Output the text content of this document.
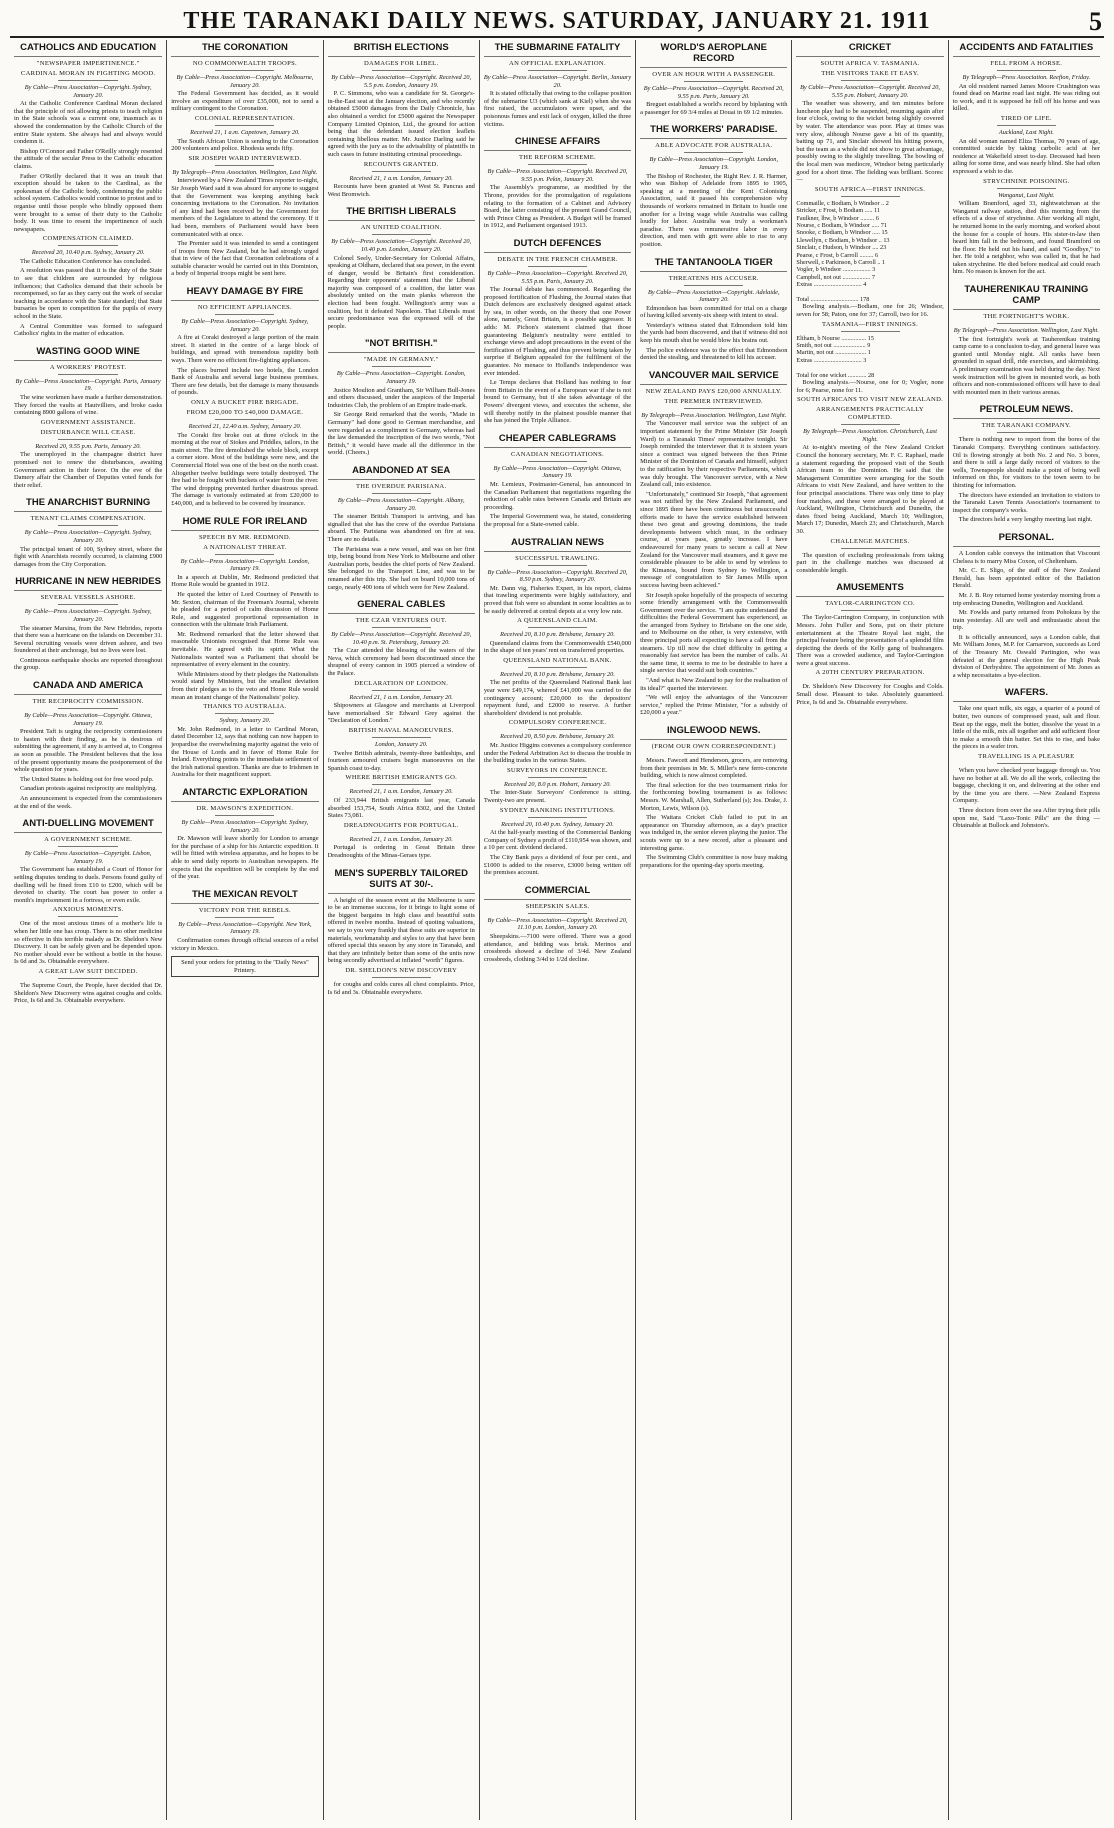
THE TARANAKI DAILY NEWS. SATURDAY, JANUARY 21. 1911	5
CATHOLICS AND EDUCATION
"NEWSPAPER IMPERTINENCE."
CARDINAL MORAN IN FIGHTING MOOD.
By Cable—Press Association—Copyright. Sydney, January 20.
At the Catholic Conference Cardinal Moran declared that the principle of not allowing priests to teach religion in the State schools was a current one, inasmuch as it showed the condemnation by the Catholic Church of the entire State system. She always had and always would condemn it.
Bishop O'Connor and Father O'Reilly strongly resented the attitude of the secular Press to the Catholic education claims.
Father O'Reilly declared that it was an insult that exception should be taken to the Cardinal, as the spokesman of the Catholic body, condemning the public school system. Catholics would continue to protest and to organise until those people who blindly opposed them were brought to a sense of their duty to the Catholic body. It was time to resent the impertinence of such newspapers.
COMPENSATION CLAIMED.
Received 20, 10.40 p.m. Sydney, January 20.
The Catholic Education Conference has concluded.
A resolution was passed that it is the duty of the State to see that children are surrounded by religious influences; that Catholics demand that their schools be recompensed, so far as they carry out the work of secular teaching in accordance with the State standard; that State bursaries be open to competition for the pupils of every school in the State.
A Central Committee was formed to safeguard Catholics' rights in the matter of education.
WASTING GOOD WINE
A WORKERS' PROTEST.
By Cable—Press Association—Copyright. Paris, January 19.
The wine workmen have made a further demonstration. They forced the vaults at Hautvilliers, and broke casks containing 8900 gallons of wine.
GOVERNMENT ASSISTANCE.
DISTURBANCE WILL CEASE.
Received 20, 9.55 p.m. Paris, January 20.
The unemployed in the champagne district have promised not to renew the disturbances, awaiting Government action in their favor. On the eve of the Damery affair the Chamber of Deputies voted funds for their relief.
THE ANARCHIST BURNING
TENANT CLAIMS COMPENSATION.
By Cable—Press Association—Copyright. Sydney, January 20.
The principal tenant of 100, Sydney street, where the fight with Anarchists recently occurred, is claiming £900 damages from the City Corporation.
HURRICANE IN NEW HEBRIDES
SEVERAL VESSELS ASHORE.
By Cable—Press Association—Copyright. Sydney, January 20.
The steamer Marsina, from the New Hebrides, reports that there was a hurricane on the islands on December 31. Several recruiting vessels were driven ashore, and two foundered at their anchorage, but no lives were lost.
Continuous earthquake shocks are reported throughout the group.
CANADA AND AMERICA
THE RECIPROCITY COMMISSION.
By Cable—Press Association—Copyright. Ottawa, January 19.
President Taft is urging the reciprocity commissioners to hasten with their finding, as he is desirous of submitting the agreement, if any is arrived at, to Congress as soon as possible. The President believes that the loss of the present opportunity means the postponement of the whole question for years.
The United States is holding out for free wood pulp.
Canadian protests against reciprocity are multiplying.
An announcement is expected from the commissioners at the end of the week.
ANTI-DUELLING MOVEMENT
A GOVERNMENT SCHEME.
By Cable—Press Association—Copyright. Lisbon, January 19.
The Government has established a Court of Honor for settling disputes tending to duels. Persons found guilty of duelling will be fined from £10 to £200, which will be devoted to charity. The court has power to order a month's imprisonment in a fortress, or even exile.
ANXIOUS MOMENTS.
One of the most anxious times of a mother's life is when her little one has croup. There is no other medicine so effective in this terrible malady as Dr. Sheldon's New Discovery. It can be safely given and be depended upon. No mother should ever be without a bottle in the house. Is 6d and 3s. Obtainable everywhere.
A GREAT LAW SUIT DECIDED.
The Supreme Court, the People, have decided that Dr. Sheldon's New Discovery wins against coughs and colds. Price, Is 6d and 3s. Obtainable everywhere.
THE CORONATION
NO COMMONWEALTH TROOPS.
By Cable—Press Association—Copyright. Melbourne, January 20.
The Federal Government has decided, as it would involve an expenditure of over £35,000, not to send a military contingent to the Coronation.
COLONIAL REPRESENTATION.
Received 21, 1 a.m. Capetown, January 20.
The South African Union is sending to the Coronation 200 volunteers and police. Rhodesia sends fifty.
SIR JOSEPH WARD INTERVIEWED.
By Telegraph—Press Association. Wellington, Last Night.
Interviewed by a New Zealand Times reporter to-night, Sir Joseph Ward said it was absurd for anyone to suggest that the Government was keeping anything back concerning invitations to the Coronation. No invitation of any kind had been received by the Government for members of the Legislature to attend the ceremony. If it had been, members of Parliament would have been communicated with at once.
The Premier said it was intended to send a contingent of troops from New Zealand, but he had strongly urged that in view of the fact that Coronation celebrations of a suitable character would be carried out in this Dominion, a body of Imperial troops might be sent here.
HEAVY DAMAGE BY FIRE
NO EFFICIENT APPLIANCES.
By Cable—Press Association—Copyright. Sydney, January 20.
A fire at Coraki destroyed a large portion of the main street. It started in the centre of a large block of buildings, and spread with tremendous rapidity both ways. There were no efficient fire-fighting appliances.
The places burned include two hotels, the London Bank of Australia and several large business premises. There are few details, but the damage is many thousands of pounds.
ONLY A BUCKET FIRE BRIGADE.
FROM £20,000 TO £40,000 DAMAGE.
Received 21, 12.40 a.m. Sydney, January 20.
The Coraki fire broke out at three o'clock in the morning at the rear of Stokes and Priddles, tailors, in the main street. The fire demolished the whole block, except a corner store. Most of the buildings were new, and the Commercial Hotel was one of the best on the north coast. Altogether twelve buildings were totally destroyed. The fire had to be fought with buckets of water from the river. The wind dropping prevented further disastrous spread. The damage is variously estimated at from £20,000 to £40,000, and is believed to be covered by insurance.
HOME RULE FOR IRELAND
SPEECH BY MR. REDMOND.
A NATIONALIST THREAT.
By Cable—Press Association—Copyright. London, January 19.
In a speech at Dublin, Mr. Redmond predicted that Home Rule would be granted in 1912.
He quoted the letter of Lord Courtney of Penwith to Mr. Sexton, chairman of the Freeman's Journal, wherein he pleaded for a period of calm discussion of Home Rule, and suggested proportional representation in connection with the ultimate Irish Parliament.
Mr. Redmond remarked that the letter showed that reasonable Unionists recognised that Home Rule was inevitable. He agreed with its spirit. What the Nationalists wanted was a Parliament that should be representative of every element in the country.
While Ministers stood by their pledges the Nationalists would stand by Ministers, but the smallest deviation from their pledges as to the veto and Home Rule would mean an instant change of the Nationalists' policy.
THANKS TO AUSTRALIA.
Sydney, January 20.
Mr. John Redmond, in a letter to Cardinal Moran, dated December 12, says that nothing can now happen to jeopardise the overwhelming majority against the veto of the House of Lords and in favor of Home Rule for Ireland. Everything points to the immediate settlement of the Irish national question. Thanks are due to Irishmen in Australia for their magnificent support.
ANTARCTIC EXPLORATION
DR. MAWSON'S EXPEDITION.
By Cable—Press Association—Copyright. Sydney, January 20.
Dr. Mawson will leave shortly for London to arrange for the purchase of a ship for his Antarctic expedition. It will be fitted with wireless apparatus, and he hopes to be able to send daily reports to Australian newspapers. He expects that the expedition will be complete by the end of the year.
THE MEXICAN REVOLT
VICTORY FOR THE REBELS.
By Cable—Press Association—Copyright. New York, January 19.
Confirmation comes through official sources of a rebel victory in Mexico.
Send your orders for printing to the "Daily News" Printery.
BRITISH ELECTIONS
DAMAGES FOR LIBEL.
By Cable—Press Association—Copyright. Received 20, 5.5 p.m. London, January 19.
P. C. Simmons, who was a candidate for St. George's-in-the-East seat at the January election, and who recently obtained £5000 damages from the Daily Chronicle, has also obtained a verdict for £5000 against the Newspaper Company Limited Opinion, Ltd., the ground for action being that the defendant issued election leaflets containing libellous matter. Mr. Justice Darling said he agreed with the jury as to the advisability of plaintiffs in such cases in future instituting criminal proceedings.
RECOUNTS GRANTED.
Received 21, 1 a.m. London, January 20.
Recounts have been granted at West St. Pancras and West Bromwich.
THE BRITISH LIBERALS
AN UNITED COALITION.
By Cable—Press Association—Copyright. Received 20, 10.40 p.m. London, January 20.
Colonel Seely, Under-Secretary for Colonial Affairs, speaking at Oldham, declared that sea power, in the event of danger, would be Britain's first consideration. Regarding their opponents' statement that the Liberal majority was composed of a coalition, the latter was absolutely united on the main planks whereon the election had been fought. Wellington's army was a coalition, but it defeated Napoleon. That Liberals must secure predominance was the expressed will of the people.
"NOT BRITISH."
"MADE IN GERMANY."
By Cable—Press Association—Copyright. London, January 19.
Justice Moulton and Grantham, Sir William Bull-Jones and others discussed, under the auspices of the Imperial Industries Club, the problem of an Empire trade-mark.
Sir George Reid remarked that the words, "Made in Germany" had done good to German merchandise, and were regarded as a compliment to Germany, whereas had the law demanded the inscription of the two words, "Not British," it would have made all the difference in the world. (Cheers.)
ABANDONED AT SEA
THE OVERDUE PARISIANA.
By Cable—Press Association—Copyright. Albany, January 20.
The steamer British Transport is arriving, and has signalled that she has the crew of the overdue Parisiana aboard. The Parisiana was abandoned on fire at sea. There are no details.
The Parisiana was a new vessel, and was on her first trip, being bound from New York to Melbourne and other Australian ports, besides the chief ports of New Zealand. She belonged to the Transport Line, and was to be renamed after this trip. She had on board 10,000 tons of cargo, nearly 400 tons of which were for New Zealand.
GENERAL CABLES
THE CZAR VENTURES OUT.
By Cable—Press Association—Copyright. Received 20, 10.40 p.m. St. Petersburg, January 20.
The Czar attended the blessing of the waters of the Neva, which ceremony had been discontinued since the shrapnel of every cannon in 1905 pierced a window of the Palace.
DECLARATION OF LONDON.
Received 21, 1 a.m. London, January 20.
Shipowners at Glasgow and merchants at Liverpool have memorialised Sir Edward Grey against the "Declaration of London."
BRITISH NAVAL MANOEUVRES.
London, January 20.
Twelve British admirals, twenty-three battleships, and fourteen armoured cruisers begin manoeuvres on the Spanish coast to-day.
WHERE BRITISH EMIGRANTS GO.
Received 21, 1 a.m. London, January 20.
Of 233,944 British emigrants last year, Canada absorbed 153,754, South Africa 8302, and the United States 73,081.
DREADNOUGHTS FOR PORTUGAL.
Received 21, 1 a.m. London, January 20.
Portugal is ordering in Great Britain three Dreadnoughts of the Minas-Geraes type.
MEN'S SUPERBLY TAILORED SUITS AT 30/-.
A height of the season event at the Melbourne is sure to be an immense success, for it brings to light some of the biggest bargains in high class and beautiful suits offered in twelve months. Instead of quoting valuations, we say to you very frankly that these suits are superior in materials, workmanship and styles to any that have been offered special this season by any store in Taranaki, and that they are infinitely better than some of the units now being secondly advertised at inflated "worth" figures.
DR. SHELDON'S NEW DISCOVERY
for coughs and colds cures all chest complaints. Price, Is 6d and 3s. Obtainable everywhere.
THE SUBMARINE FATALITY
AN OFFICIAL EXPLANATION.
By Cable—Press Association—Copyright. Berlin, January 20.
It is stated officially that owing to the collapse position of the submarine U3 (which sank at Kiel) when she was first raised, the accumulators were upset, and the poisonous fumes and exit lack of oxygen, killed the three victims.
CHINESE AFFAIRS
THE REFORM SCHEME.
By Cable—Press Association—Copyright. Received 20, 9.55 p.m. Pekin, January 20.
The Assembly's programme, as modified by the Throne, provides for the promulgation of regulations relating to the formation of a Cabinet and Advisory Board, the latter consisting of the present Grand Council, with Prince Ching as President. A Budget will be framed in 1912, and Parliament organised 1913.
DUTCH DEFENCES
DEBATE IN THE FRENCH CHAMBER.
By Cable—Press Association—Copyright. Received 20, 5.55 p.m. Paris, January 20.
The Journal debate has commenced. Regarding the proposed fortification of Flushing, the Journal states that Dutch defences are exclusively designed against attack by sea, in other words, on the theory that one Power alone, namely, Great Britain, is a possible aggressor. It adds: M. Pichon's statement claimed that those guaranteeing Belgium's neutrality were entitled to exchange views and adopt precautions in the event of the fortification of Flushing, and thus prevent being taken by surprise if Belgium appealed for the fulfilment of the guarantee. No menace to Holland's independence was ever intended.
Le Temps declares that Holland has nothing to fear from Britain in the event of a European war if she is not bound to Germany, but if she takes advantage of the Powers' divergent views, and executes the scheme, she will thereby notify in the plainest possible manner that she has joined the Triple Alliance.
CHEAPER CABLEGRAMS
CANADIAN NEGOTIATIONS.
By Cable—Press Association—Copyright. Ottawa, January 19.
Mr. Lemieux, Postmaster-General, has announced in the Canadian Parliament that negotiations regarding the reduction of cable rates between Canada and Britain are proceeding.
The Imperial Government was, he stated, considering the proposal for a State-owned cable.
AUSTRALIAN NEWS
SUCCESSFUL TRAWLING.
By Cable—Press Association—Copyright. Received 20, 8.50 p.m. Sydney, January 20.
Mr. Dann vig, Fisheries Expert, in his report, claims that trawling experiments were highly satisfactory, and proved that fish were so abundant in some localities as to be easily delivered at central depots at a very low rate.
A QUEENSLAND CLAIM.
Received 20, 8.10 p.m. Brisbane, January 20.
Queensland claims from the Commonwealth £540,000 in the shape of ten years' rent on transferred properties.
QUEENSLAND NATIONAL BANK.
Received 20, 8.10 p.m. Brisbane, January 20.
The net profits of the Queensland National Bank last year were £49,174, whereof £41,000 was carried to the contingency account; £20,000 to the depositors' repayment fund, and £2000 to reserve. A further shareholders' dividend is not probable.
COMPULSORY CONFERENCE.
Received 20, 8.50 p.m. Brisbane, January 20.
Mr. Justice Higgins convenes a compulsory conference under the Federal Arbitration Act to discuss the trouble in the building trades in the various States.
SURVEYORS IN CONFERENCE.
Received 20, 8.0 p.m. Hobart, January 20.
The Inter-State Surveyors' Conference is sitting. Twenty-two are present.
SYDNEY BANKING INSTITUTIONS.
Received 20, 10.40 p.m. Sydney, January 20.
At the half-yearly meeting of the Commercial Banking Company of Sydney a profit of £110,954 was shown, and a 10 per cent. dividend declared.
The City Bank pays a dividend of four per cent., and £1000 is added to the reserve, £3000 being written off the premises account.
COMMERCIAL
SHEEPSKIN SALES.
By Cable—Press Association—Copyright. Received 20, 11.10 p.m. London, January 20.
Sheepskins.—7100 were offered. There was a good attendance, and bidding was brisk. Merinos and crossbreds showed a decline of 3/4d. New Zealand crossbreds, clothing 3/4d to 1/2d decline.
WORLD'S AEROPLANE RECORD
OVER AN HOUR WITH A PASSENGER.
By Cable—Press Association—Copyright. Received 20, 9.55 p.m. Paris, January 20.
Breguet established a world's record by biplaning with a passenger for 69 3/4 miles at Douai in 69 1/2 minutes.
THE WORKERS' PARADISE.
ABLE ADVOCATE FOR AUSTRALIA.
By Cable—Press Association—Copyright. London, January 19.
The Bishop of Rochester, the Right Rev. J. R. Harmer, who was Bishop of Adelaide from 1895 to 1905, speaking at a meeting of the Kent Colonising Association, said it passed his comprehension why thousands of workers remained in Britain to hustle one another for a living wage while Australia was calling loudly for labor. Australia was truly a workman's paradise. There was remunerative labor in every direction, and men with grit were able to rise to any position.
THE TANTANOOLA TIGER
THREATENS HIS ACCUSER.
By Cable—Press Association—Copyright. Adelaide, January 20.
Edmondson has been committed for trial on a charge of having killed seventy-six sheep with intent to steal.
Yesterday's witness stated that Edmondson told him the yards had been discovered, and that if witness did not keep his mouth shut he would blow his brains out.
The police evidence was to the effect that Edmondson denied the stealing, and threatened to kill his accuser.
VANCOUVER MAIL SERVICE
NEW ZEALAND PAYS £20,000 ANNUALLY.
THE PREMIER INTERVIEWED.
By Telegraph—Press Association. Wellington, Last Night.
The Vancouver mail service was the subject of an important statement by the Prime Minister (Sir Joseph Ward) to a Taranaki Times' representative tonight. Sir Joseph reminded the interviewer that it is sixteen years since a contract was signed between the then Prime Minister of the Dominion of Canada and himself, subject to the ratification by their respective Parliaments, which was duly brought. The Vancouver service, with a New Zealand call, into existence.
"Unfortunately," continued Sir Joseph, "that agreement was not ratified by the New Zealand Parliament, and since 1895 there have been continuous but unsuccessful efforts made to have the service established between these two great and growing dominions, the trade developments between which must, in the ordinary course, at years pass, greatly increase. I have endeavoured for many years to secure a call at New Zealand for the Vancouver mail steamers, and it gave me considerable pleasure to be able to send by wireless to the Kimanoa, bound from Sydney to Wellington, a message of congratulation to Sir James Mills upon success having been achieved."
Sir Joseph spoke hopefully of the prospects of securing some friendly arrangement with the Commonwealth Government over the service. "I am quite understand the difficulties the Federal Government has experienced, as the arranged from Sydney to Brisbane on the one side, and to Melbourne on the other, is very extensive, with three principal ports all expecting to have a call from the steamers. Up till now the chief difficulty in getting a reasonably fast service has been the number of calls. At the same time, it seems to me to be desirable to have a single service that would suit both countries."
"And what is New Zealand to pay for the realisation of its ideal?" queried the interviewer.
"We will enjoy the advantages of the Vancouver service," replied the Prime Minister, "for a subsidy of £20,000 a year."
INGLEWOOD NEWS.
(FROM OUR OWN CORRESPONDENT.)
Messrs. Fawcett and Henderson, grocers, are removing from their premises in Mr. S. Miller's new ferro-concrete building, which is now almost completed.
The final selection for the two tourmament rinks for the forthcoming bowling tournament is as follows: Messrs. W. Marshall, Allen, Sutherland (s); Jos. Drake, J. Morton, Lewis, Wilson (s).
The Waitara Cricket Club failed to put in an appearance on Thursday afternoon, as a day's practice was indulged in, the senior eleven playing the junior. The scouts were up to a new record, after a pleasant and interesting game.
The Swimming Club's committee is now busy making preparations for the opening-day sports meeting.
CRICKET
SOUTH AFRICA V. TASMANIA.
THE VISITORS TAKE IT EASY.
By Cable—Press Association—Copyright. Received 20, 5.55 p.m. Hobart, January 20.
The weather was showery, and ten minutes before luncheon play had to be suspended, resuming again after four o'clock, owing to the wicket being slightly covered by water. The attendance was poor. Play at times was very slow, although Nourse gave a bit of its quantity, batting up 71, and Sinclair showed his hitting powers, but the team as a whole did not show to great advantage, possibly owing to the slightly travelling. The bowling of the local men was mediocre, Windsor being particularly good for a short time. The fielding was brilliant. Scores:—
SOUTH AFRICA—FIRST INNINGS.
Commaille, c Bodiam, b Windsor .. 2
Stricker, c Frost, b Bodiam ..... 11
Faulkner, lbw, b Windsor ......... 6
Nourse, c Bodiam, b Windsor ..... 71
Snooke, c Bodiam, b Windsor ..... 15
Llewellyn, c Bodiam, b Windsor .. 13
Sinclair, c Hudson, b Windsor .... 23
Pearse, c Frost, b Carroll ......... 6
Sherwell, c Parkinson, b Carroll .. 1
Vogler, b Windsor .................. 3
Campbell, not out .................. 7
Extras ............................... 4

Total ............................... 178
Bowling analysis.—Bodiam, one for 26; Windsor, seven for 58; Paton, one for 37; Carroll, two for 16.
TASMANIA—FIRST INNINGS.
Eltham, b Nourse ................ 15
Smith, not out ..................... 9
Martin, not out .................... 1
Extras ............................... 3

Total for one wicket ............ 28
Bowling analysis.—Nourse, one for 0; Vogler, none for 6; Pearse, none for 11.
SOUTH AFRICANS TO VISIT NEW ZEALAND.
ARRANGEMENTS PRACTICALLY COMPLETED.
By Telegraph—Press Association. Christchurch, Last Night.
At to-night's meeting of the New Zealand Cricket Council the honorary secretary, Mr. F. C. Raphael, made a statement regarding the proposed visit of the South African team to the Dominion. He said that the Management Committee were arranging for the South Africans to visit New Zealand, and have written to the four principal associations. There was only time to play four matches, and these were arranged to be played at Auckland, Wellington, Christchurch and Dunedin, the dates fixed being Auckland, March 10; Wellington, March 17; Dunedin, March 23; and Christchurch, March 30.
CHALLENGE MATCHES.
The question of excluding professionals from taking part in the challenge matches was discussed at considerable length.
AMUSEMENTS
TAYLOR-CARRINGTON CO.
The Taylor-Carrington Company, in conjunction with Messrs. John Fuller and Sons, put on their picture entertainment at the Theatre Royal last night, the principal feature being the presentation of a splendid film depicting the deeds of the Kelly gang of bushrangers. There was a crowded audience, and Taylor-Carrington were a great success.
A 20TH CENTURY PREPARATION.
Dr. Sheldon's New Discovery for Coughs and Colds. Small dose. Pleasant to take. Absolutely guaranteed. Price, Is 6d and 3s. Obtainable everywhere.
ACCIDENTS AND FATALITIES
FELL FROM A HORSE.
By Telegraph—Press Association. Reefton, Friday.
An old resident named James Moore Crushington was found dead on Marine road last night. He was riding out to work, and it is supposed he fell off his horse and was killed.
TIRED OF LIFE.
Auckland, Last Night.
An old woman named Eliza Thomas, 70 years of age, committed suicide by taking carbolic acid at her residence at Wakefield street to-day. Deceased had been ailing for some time, and was nearly blind. She had often expressed a wish to die.
STRYCHNINE POISONING.
Wanganui, Last Night.
William Bramford, aged 33, nightwatchman at the Wanganui railway station, died this morning from the effects of a dose of strychnine. After working all night, he returned home in the early morning, and worked about the house for a couple of hours. His sister-in-law then heard him fall in the bedroom, and found Bramford on the floor. He held out his hand, and said "Goodbye," to her. He told a neighbor, who was called in, that he had taken strychnine. He died before medical aid could reach him. No reason is known for the act.
TAUHERENIKAU TRAINING CAMP
THE FORTNIGHT'S WORK.
By Telegraph—Press Association. Wellington, Last Night.
The first fortnight's work at Tauherenikau training camp came to a conclusion to-day, and general leave was granted until Monday night. All ranks have been grounded in squad drill, ride exercises, and skirmishing. A preliminary examination was held during the day. Next week instruction will be given in mounted work, as both officers and non-commissioned officers will have to deal with mounted men in their various arenas.
PETROLEUM NEWS.
THE TARANAKI COMPANY.
There is nothing new to report from the bores of the Taranaki Company. Everything continues satisfactory. Oil is flowing strongly at both No. 2 and No. 3 bores, and there is still a large daily record of visitors to the wells, Townspeople should make a point of being well informed on this, for visitors to the town seem to be thirsting for information.
The directors have extended an invitation to visitors to the Taranaki Lawn Tennis Association's tournament to inspect the company's works.
The directors held a very lengthy meeting last night.
PERSONAL.
A London cable conveys the intimation that Viscount Chelsea is to marry Miss Coxon, of Cheltenham.
Mr. C. E. Sligo, of the staff of the New Zealand Herald, has been appointed editor of the Bailation Herald.
Mr. J. B. Roy returned home yesterday morning from a trip embracing Dunedin, Wellington and Auckland.
Mr. Fowlds and party returned from Pohokura by the train yesterday. All are well and enthusiastic about the trip.
It is officially announced, says a London cable, that Mr. William Jones, M.P. for Carnarvon, succeeds as Lord of the Treasury Mr. Oswald Partington, who was defeated at the general election for the High Peak division of Derbyshire. The appointment of Mr. Jones as a whip necessitates a bye-election.
WAFERS.
Take one quart milk, six eggs, a quarter of a pound of butter, two ounces of compressed yeast, salt and flour. Beat up the eggs, melt the butter, dissolve the yeast in a little of the milk, mix all together and add sufficient flour to make a smooth thin batter. Set this to rise, and bake the pieces in a wafer iron.
TRAVELLING IS A PLEASURE
When you have checked your baggage through us. You have no bother at all. We do all the work, collecting the baggage, checking it on, and delivering at the other end by the time you are there. —New Zealand Express Company.
Three doctors from over the sea After trying their pills upon me, Said "Laxo-Tonic Pills" are the thing — Obtainable at Bullock and Johnston's.
